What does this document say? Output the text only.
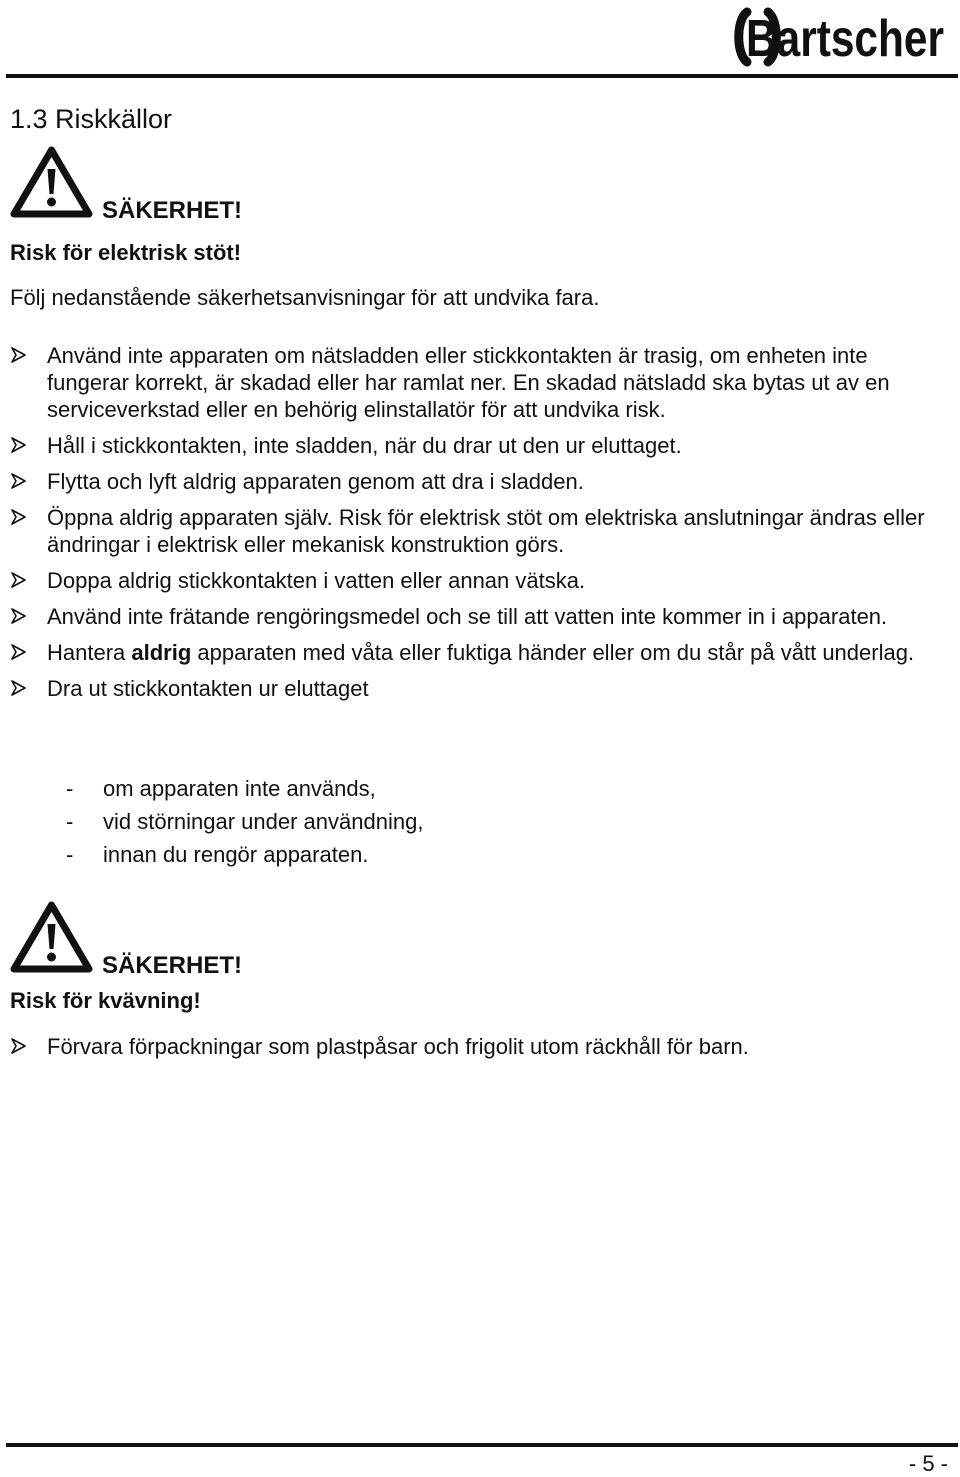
Bartscher
1.3 Riskkällor
SÄKERHET!
Risk för elektrisk stöt!
Följ nedanstående säkerhetsanvisningar för att undvika fara.
Använd inte apparaten om nätsladden eller stickkontakten är trasig, om enheten inte fungerar korrekt, är skadad eller har ramlat ner. En skadad nätsladd ska bytas ut av en serviceverkstad eller en behörig elinstallatör för att undvika risk.
Håll i stickkontakten, inte sladden, när du drar ut den ur eluttaget.
Flytta och lyft aldrig apparaten genom att dra i sladden.
Öppna aldrig apparaten själv. Risk för elektrisk stöt om elektriska anslutningar ändras eller ändringar i elektrisk eller mekanisk konstruktion görs.
Doppa aldrig stickkontakten i vatten eller annan vätska.
Använd inte frätande rengöringsmedel och se till att vatten inte kommer in i apparaten.
Hantera aldrig apparaten med våta eller fuktiga händer eller om du står på vått underlag.
Dra ut stickkontakten ur eluttaget
- om apparaten inte används,
- vid störningar under användning,
- innan du rengör apparaten.
SÄKERHET!
Risk för kvävning!
Förvara förpackningar som plastpåsar och frigolit utom räckhåll för barn.
- 5 -
